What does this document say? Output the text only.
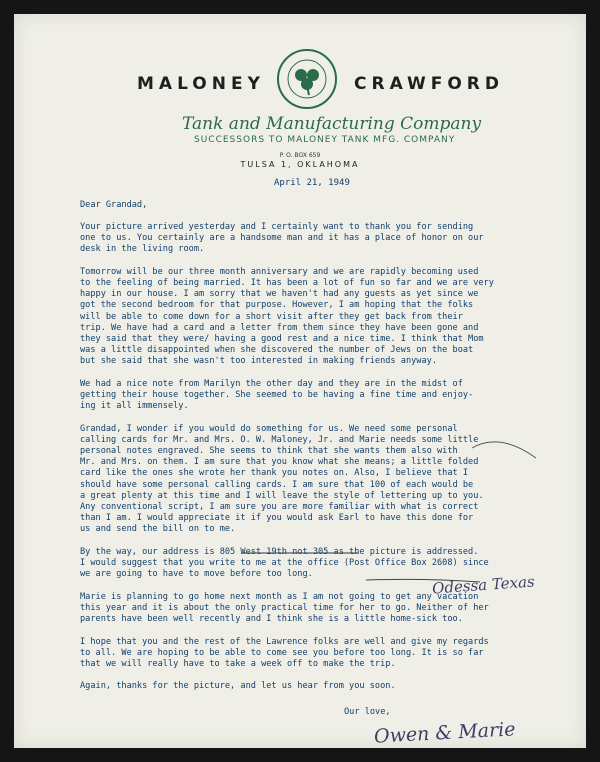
MALONEY	CRAWFORD
Tank and Manufacturing Company
SUCCESSORS TO MALONEY TANK MFG. COMPANY
P. O. BOX 659
TULSA 1, OKLAHOMA
April 21, 1949
Dear Grandad,
Your picture arrived yesterday and I certainly want to thank you for sending
one to us. You certainly are a handsome man and it has a place of honor on our
desk in the living room.

Tomorrow will be our three month anniversary and we are rapidly becoming used
to the feeling of being married. It has been a lot of fun so far and we are very
happy in our house. I am sorry that we haven't had any guests as yet since we
got the second bedroom for that purpose. However, I am hoping that the folks
will be able to come down for a short visit after they get back from their
trip. We have had a card and a letter from them since they have been gone and
they said that they were/ having a good rest and a nice time. I think that Mom
was a little disappointed when she discovered the number of Jews on the boat
but she said that she wasn't too interested in making friends anyway.

We had a nice note from Marilyn the other day and they are in the midst of
getting their house together. She seemed to be having a fine time and enjoy-
ing it all immensely.

Grandad, I wonder if you would do something for us. We need some personal
calling cards for Mr. and Mrs. O. W. Maloney, Jr. and Marie needs some little
personal notes engraved. She seems to think that she wants them also with
Mr. and Mrs. on them. I am sure that you know what she means; a little folded
card like the ones she wrote her thank you notes on. Also, I believe that I
should have some personal calling cards. I am sure that 100 of each would be
a great plenty at this time and I will leave the style of lettering up to you.
Any conventional script, I am sure you are more familiar with what is correct
than I am. I would appreciate it if you would ask Earl to have this done for
us and send the bill on to me.

By the way, our address is 805 West 19th not 305 as the picture is addressed.
I would suggest that you write to me at the office (Post Office Box 2608) since
we are going to have to move before too long.

Marie is planning to go home next month as I am not going to get any vacation
this year and it is about the only practical time for her to go. Neither of her
parents have been well recently and I think she is a little home-sick too.

I hope that you and the rest of the Lawrence folks are well and give my regards
to all. We are hoping to be able to come see you before too long. It is so far
that we will really have to take a week off to make the trip.

Again, thanks for the picture, and let us hear from you soon.
Odessa Texas
Our love,
Owen & Marie
